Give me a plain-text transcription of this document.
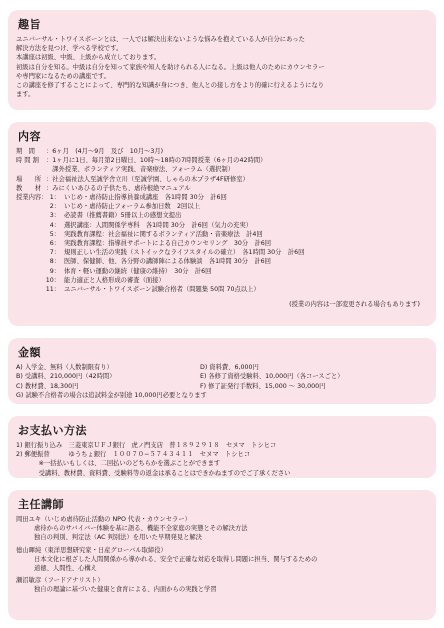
趣旨
ユニバーサル・トワイスボーンとは、一人では解決出来ないような悩みを抱えている人が自分にあった
解決方法を見つけ、学べる学校です。
本講座は初級、中級、上級から成立しております。
初級は自分を知る。中級は自分を知って家族や知人を助けられる人になる。上級は他人のためにカウンセラー
や専門家になるための講座です。
この講座を修了することによって、専門的な知識が身につき、他人との接し方をより的確に行えるようになり
ます。
内容
期　間	：6ヶ月　(4月～9月　及び　10月～3月)
時 間 割	：1ヶ月に1日、毎月第2日曜日、10時～18時の7時間授業（6ヶ月の42時間）
　課外授業、ボランティア実践、音楽療法、フォーラム（選択制）
場　　所 ：社会福祉法人至誠学舎立川（至誠学園、しゃらの木プラザ4F研修室）
教　　材 ：みにくいあひるの子供たち、虐待根絶マニュアル
授業内容： 1： いじめ・虐待防止指導員養成講座　各1時間 30分　計6回
2： いじめ・虐待防止フォーラム参加日数　2回以上
3： 必読書（推薦書籍）5冊以上の感想文提出
4： 選択講座：人間関係学専科　各1時間 30分　計6回（気力の充実）
5： 実践教育課程：社会福祉に関するボランティア活動・音楽療法　計4回
6： 実践教育課程：指導員サポートによる自己カウンセリング　30分　計6回
7： 規則正しい生活の実践（ストイックなライフスタイルの確立）　各1時間 30分　計6回
8： 医師、保健師、他、各分野の講師陣による体験談　各1時間 30分　計6回
9： 体育・軽い運動の継続（健康の維持）　30分　計6回
10： 能力適正と人格形成の審査（面接）
11： ユニバーサル・トワイスボーン試験合格者（問題集 50問 70点以上）
(授業の内容は一部変更される場合もあります)
金額
A) 入学金、無料（人数制限有り）	D) 資料費、6,000円
B) 受講料、210,000円（42時間）	E) 各修了資格受験料、10,000円（各コースごと）
C) 教材費、18,300円	F) 修了証発行手数料、15,000 ～ 30,000円
G) 試験不合格者の場合は追試料金が别途 10,000円必要となります
お支払い方法
1) 銀行振り込み　三菱東京ＵＦＪ銀行　虎ノ門支店　普１８９２９１８　セヌマ　トシヒコ
2) 郵便振替　　　ゆうちょ銀行　１００７０−５７４３４１１　セヌマ　トシヒコ
　　※一括払いもしくは、二回払いのどちらかを選ぶことができます
　　受講料、教材費、資料費、受験料等の返金は承ることはできかねますのでご了承ください
主任講師
岡田ユキ（いじめ虐待防止活動の NPO 代表・カウンセラー）
虐待からのサバイバー体験を基に語る、機能不全家庭の実態とその解決方法
独自の判別、判定法（AC 判別法）を用いた早期発見と解決
德山暉純（東洋思想研究家・日産グローバル取締役）
日本文化に根ざした人間関係から導かれる、安全で正確な対応を取得し問題に担当、関与するための
道徳、人間性、心構え
瀬沼敏彦（フードアナリスト）
独自の理論に基づいた健康と食育による、内面からの実践と学習
